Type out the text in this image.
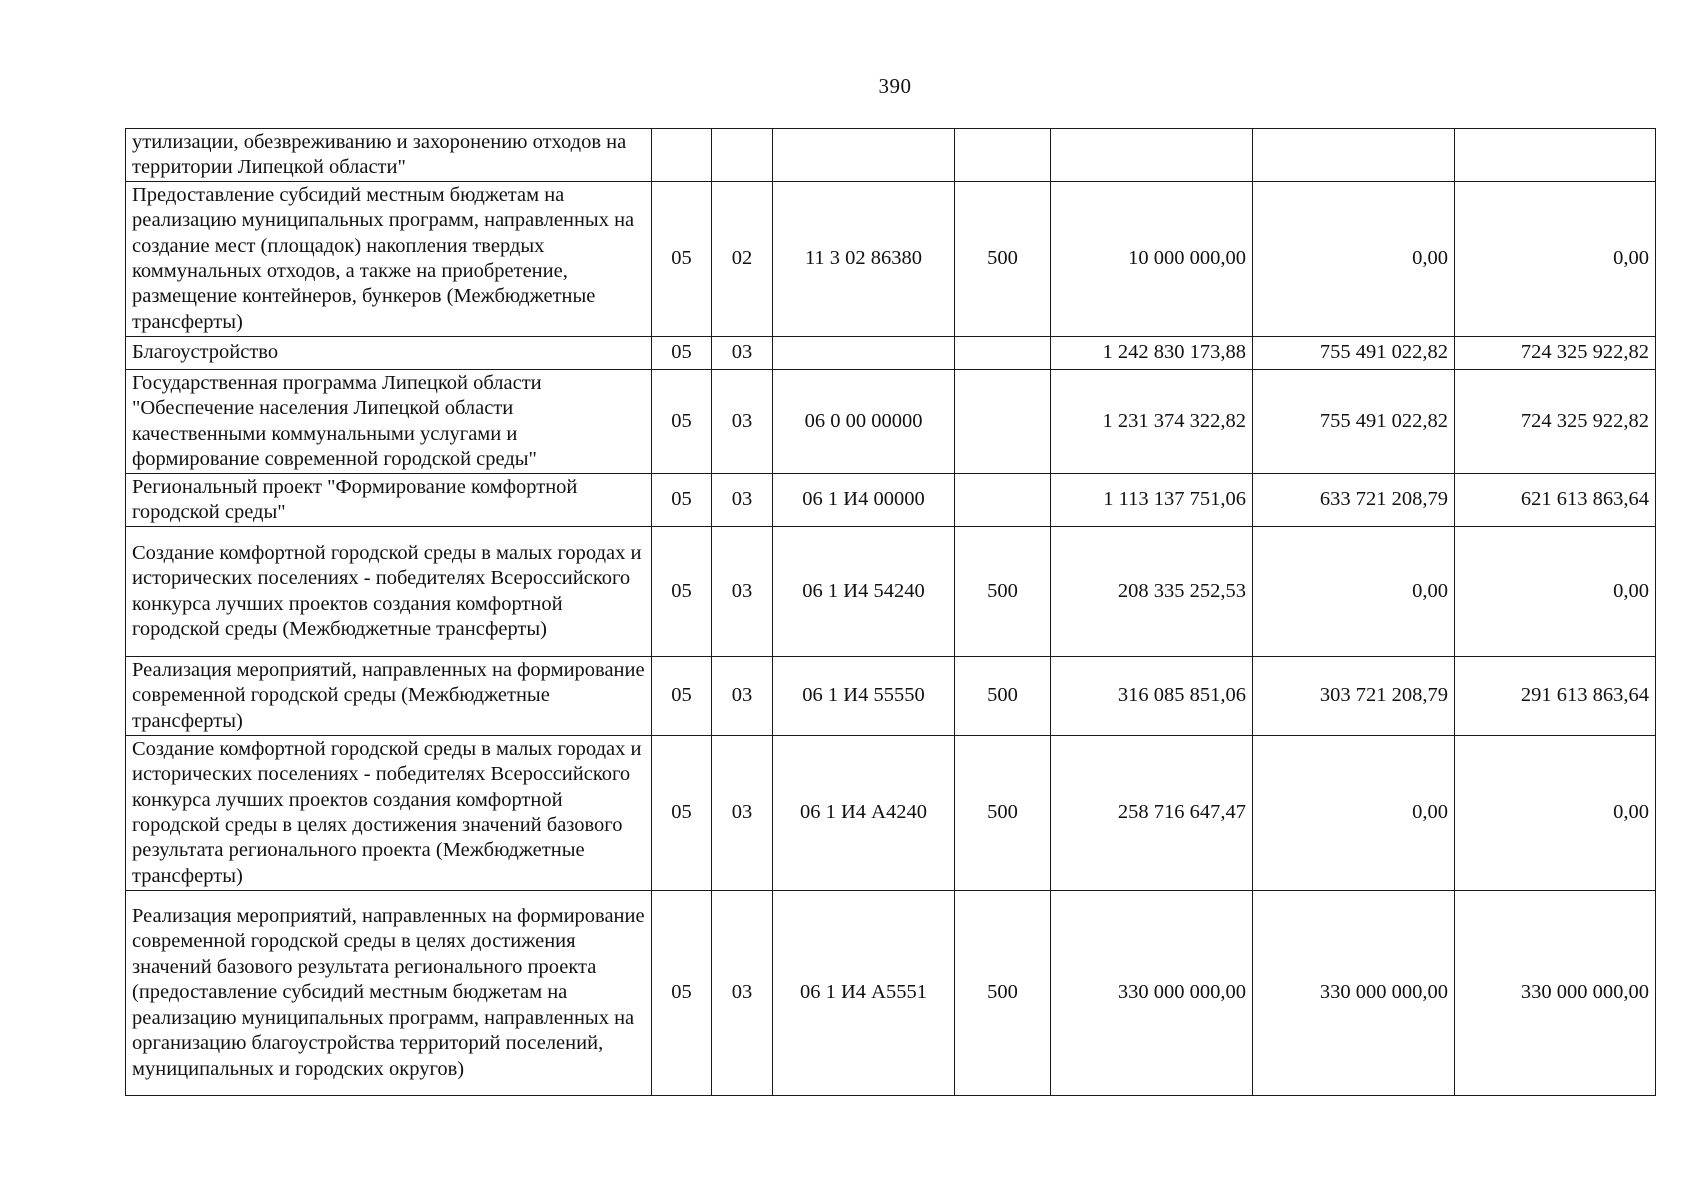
390
утилизации, обезвреживанию и захоронению отходов на территории Липецкой области"							
Предоставление субсидий местным бюджетам на реализацию муниципальных программ, направленных на создание мест (площадок) накопления твердых коммунальных отходов, а также на приобретение, размещение контейнеров, бункеров (Межбюджетные трансферты)	05	02	11 3 02 86380	500	10 000 000,00	0,00	0,00
Благоустройство	05	03			1 242 830 173,88	755 491 022,82	724 325 922,82
Государственная программа Липецкой области "Обеспечение населения Липецкой области качественными коммунальными услугами и формирование современной городской среды"	05	03	06 0 00 00000		1 231 374 322,82	755 491 022,82	724 325 922,82
Региональный проект "Формирование комфортной городской среды"	05	03	06 1 И4 00000		1 113 137 751,06	633 721 208,79	621 613 863,64
Создание комфортной городской среды в малых городах и исторических поселениях - победителях Всероссийского конкурса лучших проектов создания комфортной городской среды (Межбюджетные трансферты)	05	03	06 1 И4 54240	500	208 335 252,53	0,00	0,00
Реализация мероприятий, направленных на формирование современной городской среды (Межбюджетные трансферты)	05	03	06 1 И4 55550	500	316 085 851,06	303 721 208,79	291 613 863,64
Создание комфортной городской среды в малых городах и исторических поселениях - победителях Всероссийского конкурса лучших проектов создания комфортной городской среды в целях достижения значений базового результата регионального проекта (Межбюджетные трансферты)	05	03	06 1 И4 А4240	500	258 716 647,47	0,00	0,00
Реализация мероприятий, направленных на формирование современной городской среды в целях достижения значений базового результата регионального проекта (предоставление субсидий местным бюджетам на реализацию муниципальных программ, направленных на организацию благоустройства территорий поселений, муниципальных и городских округов)	05	03	06 1 И4 А5551	500	330 000 000,00	330 000 000,00	330 000 000,00
